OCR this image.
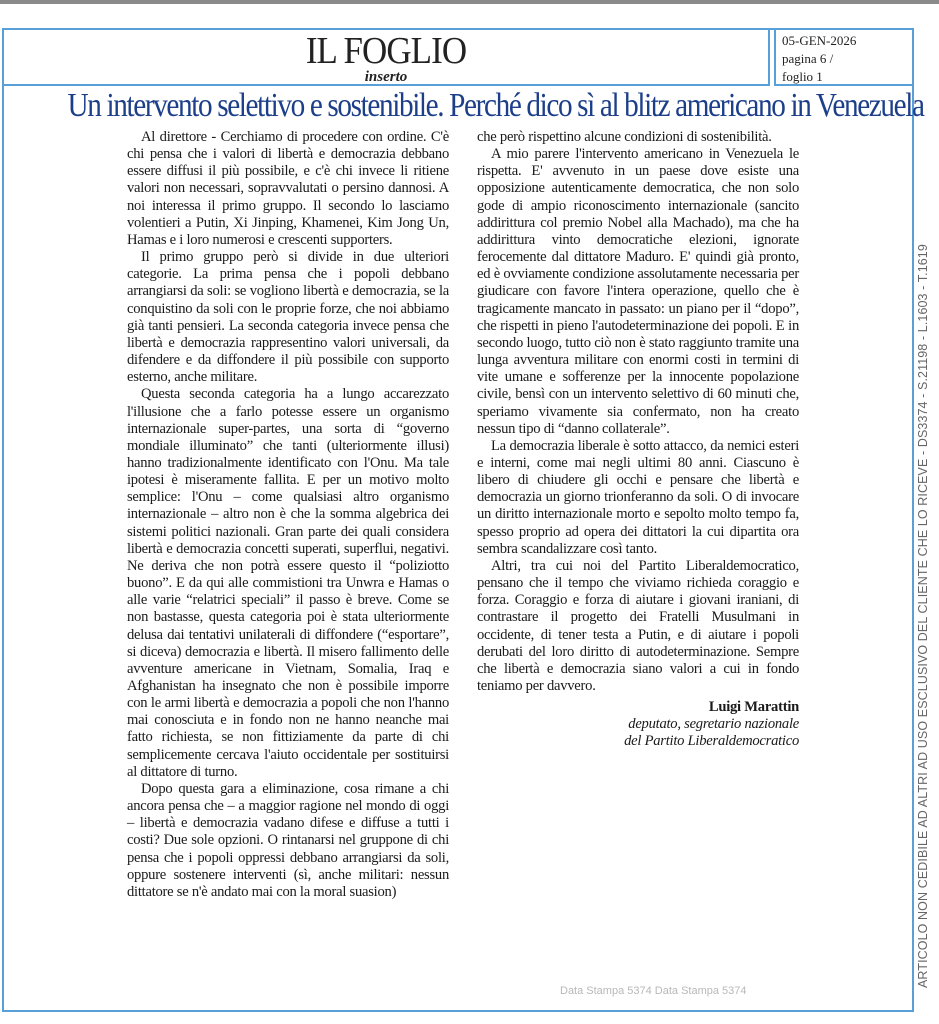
IL FOGLIO
inserto
05-GEN-2026
pagina 6 /
foglio 1
Un intervento selettivo e sostenibile. Perché dico sì al blitz americano in Venezuela

Al direttore - Cerchiamo di procedere con ordine. C'è chi pensa che i valori di libertà e democrazia debbano essere diffusi il più possibile, e c'è chi invece li ritiene valori non necessari, sopravvalutati o persino dannosi. A noi interessa il primo gruppo. Il secondo lo lasciamo volentieri a Putin, Xi Jinping, Khamenei, Kim Jong Un, Hamas e i loro numerosi e crescenti supporters.

Il primo gruppo però si divide in due ulteriori categorie. La prima pensa che i popoli debbano arrangiarsi da soli: se vogliono libertà e democrazia, se la conquistino da soli con le proprie forze, che noi abbiamo già tanti pensieri. La seconda categoria invece pensa che libertà e democrazia rappresentino valori universali, da difendere e da diffondere il più possibile con supporto esterno, anche militare.

Questa seconda categoria ha a lungo accarezzato l'illusione che a farlo potesse essere un organismo internazionale super-partes, una sorta di “governo mondiale illuminato” che tanti (ulteriormente illusi) hanno tradizionalmente identificato con l'Onu. Ma tale ipotesi è miseramente fallita. E per un motivo molto semplice: l'Onu – come qualsiasi altro organismo internazionale – altro non è che la somma algebrica dei sistemi politici nazionali. Gran parte dei quali considera libertà e democrazia concetti superati, superflui, negativi. Ne deriva che non potrà essere questo il “poliziotto buono”. E da qui alle commistioni tra Unwra e Hamas o alle varie “relatrici speciali” il passo è breve. Come se non bastasse, questa categoria poi è stata ulteriormente delusa dai tentativi unilaterali di diffondere (“esportare”, si diceva) democrazia e libertà. Il misero fallimento delle avventure americane in Vietnam, Somalia, Iraq e Afghanistan ha insegnato che non è possibile imporre con le armi libertà e democrazia a popoli che non l'hanno mai conosciuta e in fondo non ne hanno neanche mai fatto richiesta, se non fittiziamente da parte di chi semplicemente cercava l'aiuto occidentale per sostituirsi al dittatore di turno.

Dopo questa gara a eliminazione, cosa rimane a chi ancora pensa che – a maggior ragione nel mondo di oggi – libertà e democrazia vadano difese e diffuse a tutti i costi? Due sole opzioni. O rintanarsi nel gruppone di chi pensa che i popoli oppressi debbano arrangiarsi da soli, oppure sostenere interventi (sì, anche militari: nessun dittatore se n'è andato mai con la moral suasion)

che però rispettino alcune condizioni di sostenibilità.

A mio parere l'intervento americano in Venezuela le rispetta. E' avvenuto in un paese dove esiste una opposizione autenticamente democratica, che non solo gode di ampio riconoscimento internazionale (sancito addirittura col premio Nobel alla Machado), ma che ha addirittura vinto democratiche elezioni, ignorate ferocemente dal dittatore Maduro. E' quindi già pronto, ed è ovviamente condizione assolutamente necessaria per giudicare con favore l'intera operazione, quello che è tragicamente mancato in passato: un piano per il “dopo”, che rispetti in pieno l'autodeterminazione dei popoli. E in secondo luogo, tutto ciò non è stato raggiunto tramite una lunga avventura militare con enormi costi in termini di vite umane e sofferenze per la innocente popolazione civile, bensì con un intervento selettivo di 60 minuti che, speriamo vivamente sia confermato, non ha creato nessun tipo di “danno collaterale”.

La democrazia liberale è sotto attacco, da nemici esteri e interni, come mai negli ultimi 80 anni. Ciascuno è libero di chiudere gli occhi e pensare che libertà e democrazia un giorno trionferanno da soli. O di invocare un diritto internazionale morto e sepolto molto tempo fa, spesso proprio ad opera dei dittatori la cui dipartita ora sembra scandalizzare così tanto.

Altri, tra cui noi del Partito Liberaldemocratico, pensano che il tempo che viviamo richieda coraggio e forza. Coraggio e forza di aiutare i giovani iraniani, di contrastare il progetto dei Fratelli Musulmani in occidente, di tener testa a Putin, e di aiutare i popoli derubati del loro diritto di autodeterminazione. Sempre che libertà e democrazia siano valori a cui in fondo teniamo per davvero.

Luigi Marattin
deputato, segretario nazionale
del Partito Liberaldemocratico
Data Stampa 5374 Data Stampa 5374
ARTICOLO NON CEDIBILE AD ALTRI AD USO ESCLUSIVO DEL CLIENTE CHE LO RICEVE - DS3374 - S.21198 - L.1603 - T.1619
